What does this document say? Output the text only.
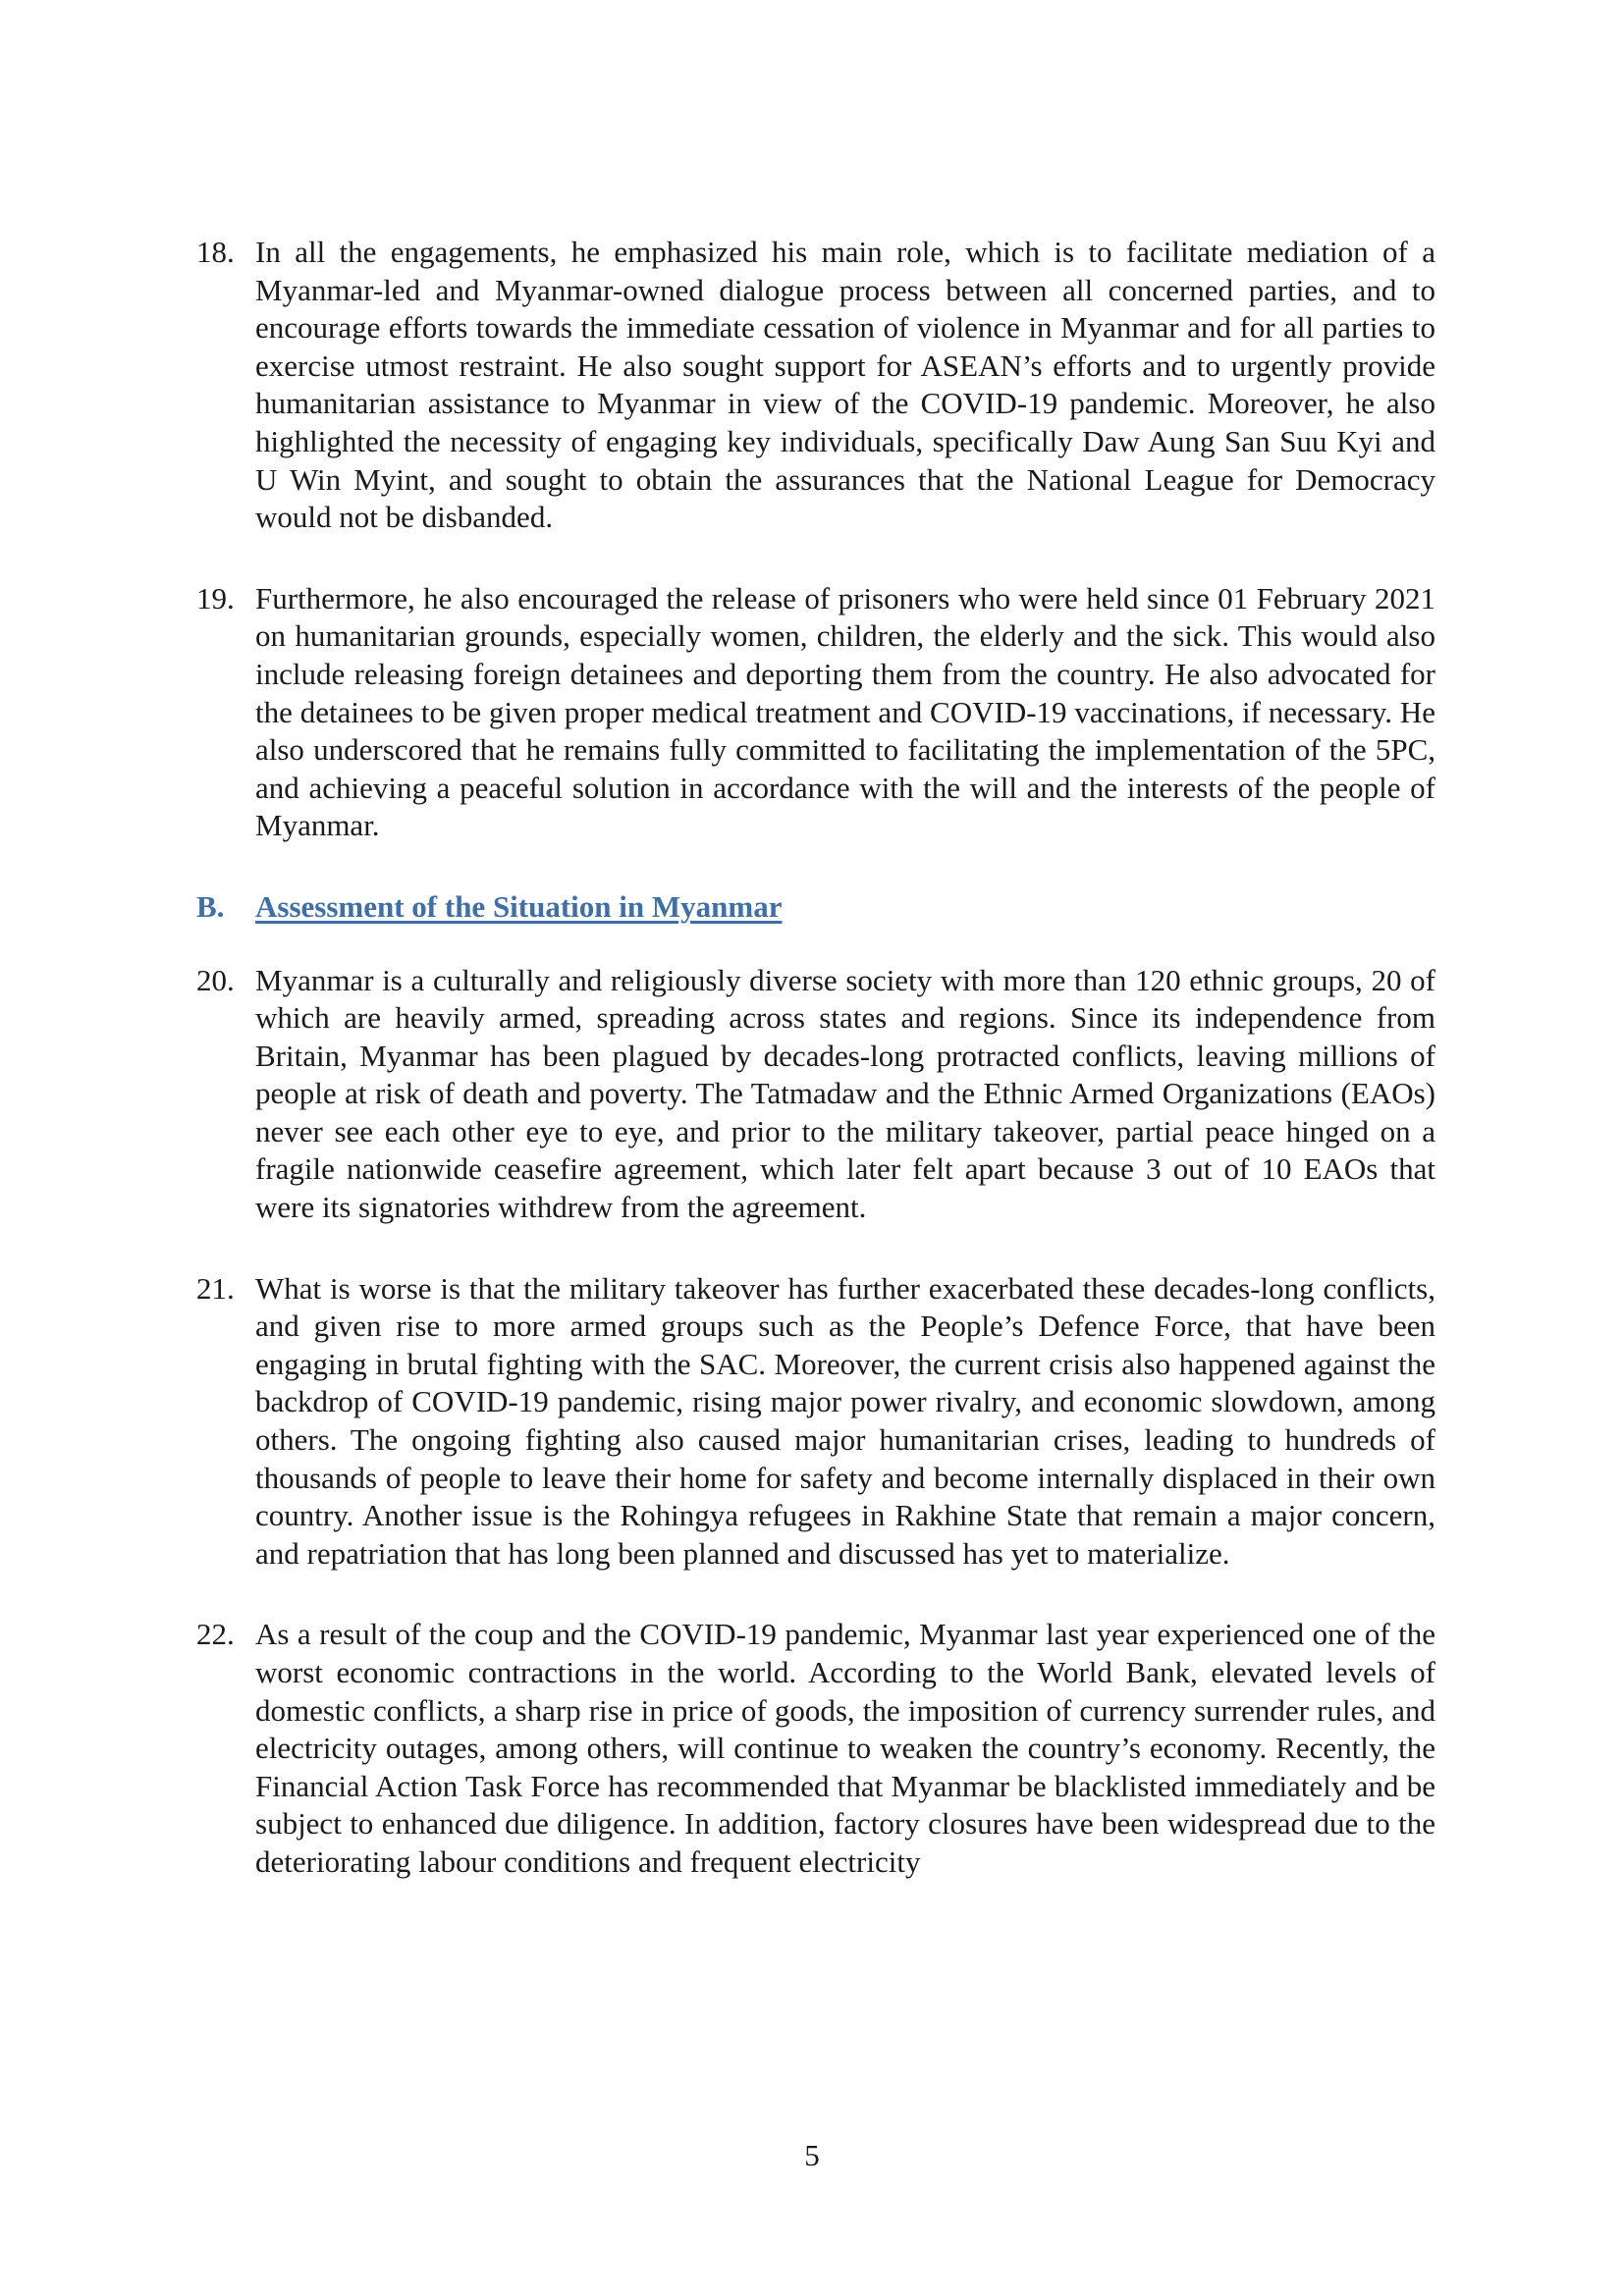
18. In all the engagements, he emphasized his main role, which is to facilitate mediation of a Myanmar-led and Myanmar-owned dialogue process between all concerned parties, and to encourage efforts towards the immediate cessation of violence in Myanmar and for all parties to exercise utmost restraint. He also sought support for ASEAN’s efforts and to urgently provide humanitarian assistance to Myanmar in view of the COVID-19 pandemic. Moreover, he also highlighted the necessity of engaging key individuals, specifically Daw Aung San Suu Kyi and U Win Myint, and sought to obtain the assurances that the National League for Democracy would not be disbanded.

19. Furthermore, he also encouraged the release of prisoners who were held since 01 February 2021 on humanitarian grounds, especially women, children, the elderly and the sick. This would also include releasing foreign detainees and deporting them from the country. He also advocated for the detainees to be given proper medical treatment and COVID-19 vaccinations, if necessary. He also underscored that he remains fully committed to facilitating the implementation of the 5PC, and achieving a peaceful solution in accordance with the will and the interests of the people of Myanmar.

B. Assessment of the Situation in Myanmar
20. Myanmar is a culturally and religiously diverse society with more than 120 ethnic groups, 20 of which are heavily armed, spreading across states and regions. Since its independence from Britain, Myanmar has been plagued by decades-long protracted conflicts, leaving millions of people at risk of death and poverty. The Tatmadaw and the Ethnic Armed Organizations (EAOs) never see each other eye to eye, and prior to the military takeover, partial peace hinged on a fragile nationwide ceasefire agreement, which later felt apart because 3 out of 10 EAOs that were its signatories withdrew from the agreement.

21. What is worse is that the military takeover has further exacerbated these decades-long conflicts, and given rise to more armed groups such as the People’s Defence Force, that have been engaging in brutal fighting with the SAC. Moreover, the current crisis also happened against the backdrop of COVID-19 pandemic, rising major power rivalry, and economic slowdown, among others. The ongoing fighting also caused major humanitarian crises, leading to hundreds of thousands of people to leave their home for safety and become internally displaced in their own country. Another issue is the Rohingya refugees in Rakhine State that remain a major concern, and repatriation that has long been planned and discussed has yet to materialize.

22. As a result of the coup and the COVID-19 pandemic, Myanmar last year experienced one of the worst economic contractions in the world. According to the World Bank, elevated levels of domestic conflicts, a sharp rise in price of goods, the imposition of currency surrender rules, and electricity outages, among others, will continue to weaken the country’s economy. Recently, the Financial Action Task Force has recommended that Myanmar be blacklisted immediately and be subject to enhanced due diligence. In addition, factory closures have been widespread due to the deteriorating labour conditions and frequent electricity

5
